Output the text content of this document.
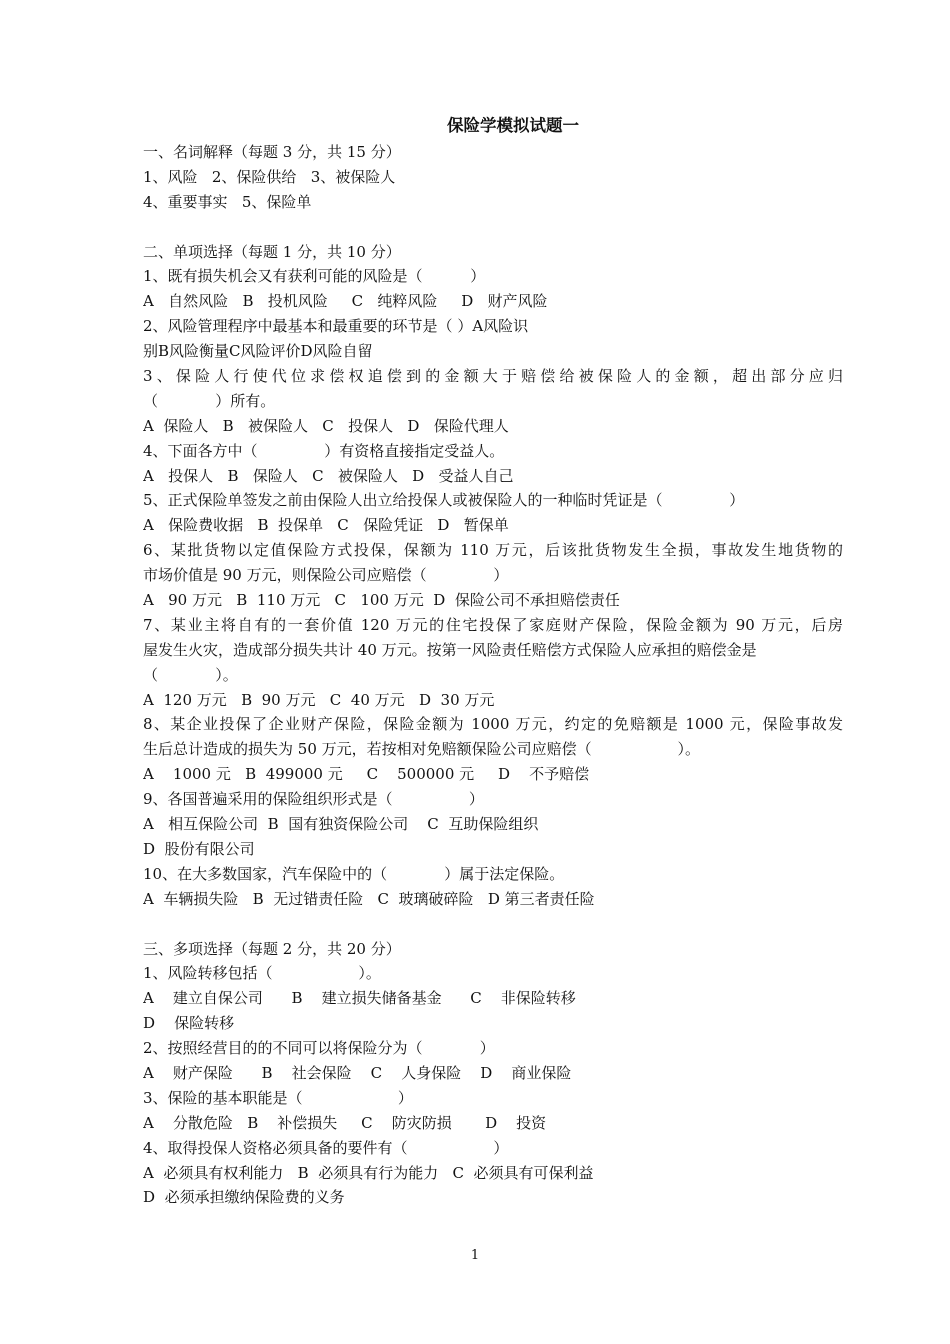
保险学模拟试题一
一、名词解释（每题 3 分，共 15 分）
1、风险   2、保险供给   3、被保险人
4、重要事实   5、保险单
二、单项选择（每题 1 分，共 10 分）
1、既有损失机会又有获利可能的风险是（          ）
A   自然风险   B   投机风险     C   纯粹风险     D   财产风险
2、风险管理程序中最基本和最重要的环节是（ ）A风险识
别B风险衡量C风险评价D风险自留
3、保险人行使代位求偿权追偿到的金额大于赔偿给被保险人的金额，超出部分应归
（            ）所有。
A  保险人   B   被保险人   C   投保人   D   保险代理人
4、下面各方中（              ）有资格直接指定受益人。
A   投保人   B   保险人   C   被保险人   D   受益人自己
5、正式保险单签发之前由保险人出立给投保人或被保险人的一种临时凭证是（              ）
A   保险费收据   B  投保单   C   保险凭证   D   暂保单
6、某批货物以定值保险方式投保，保额为 110 万元，后该批货物发生全损，事故发生地货物的
市场价值是 90 万元，则保险公司应赔偿（              ）
A   90 万元   B  110 万元   C   100 万元  D  保险公司不承担赔偿责任
7、某业主将自有的一套价值 120 万元的住宅投保了家庭财产保险，保险金额为 90 万元，后房
屋发生火灾，造成部分损失共计 40 万元。按第一风险责任赔偿方式保险人应承担的赔偿金是
（            ）。
A  120 万元   B  90 万元   C  40 万元   D  30 万元
8、某企业投保了企业财产保险，保险金额为 1000 万元，约定的免赔额是 1000 元，保险事故发
生后总计造成的损失为 50 万元，若按相对免赔额保险公司应赔偿（                  ）。
A    1000 元   B  499000 元     C    500000 元     D    不予赔偿
9、各国普遍采用的保险组织形式是（                ）
A   相互保险公司  B  国有独资保险公司    C  互助保险组织
D  股份有限公司
10、在大多数国家，汽车保险中的（            ）属于法定保险。
A  车辆损失险   B  无过错责任险   C  玻璃破碎险   D 第三者责任险
三、多项选择（每题 2 分，共 20 分）
1、风险转移包括（                  ）。
A    建立自保公司      B    建立损失储备基金      C    非保险转移
D    保险转移
2、按照经营目的的不同可以将保险分为（            ）
A    财产保险      B    社会保险    C    人身保险    D    商业保险
3、保险的基本职能是（                    ）
A    分散危险   B    补偿损失     C    防灾防损       D    投资
4、取得投保人资格必须具备的要件有（                  ）
A  必须具有权利能力   B  必须具有行为能力   C  必须具有可保利益
D  必须承担缴纳保险费的义务
1
